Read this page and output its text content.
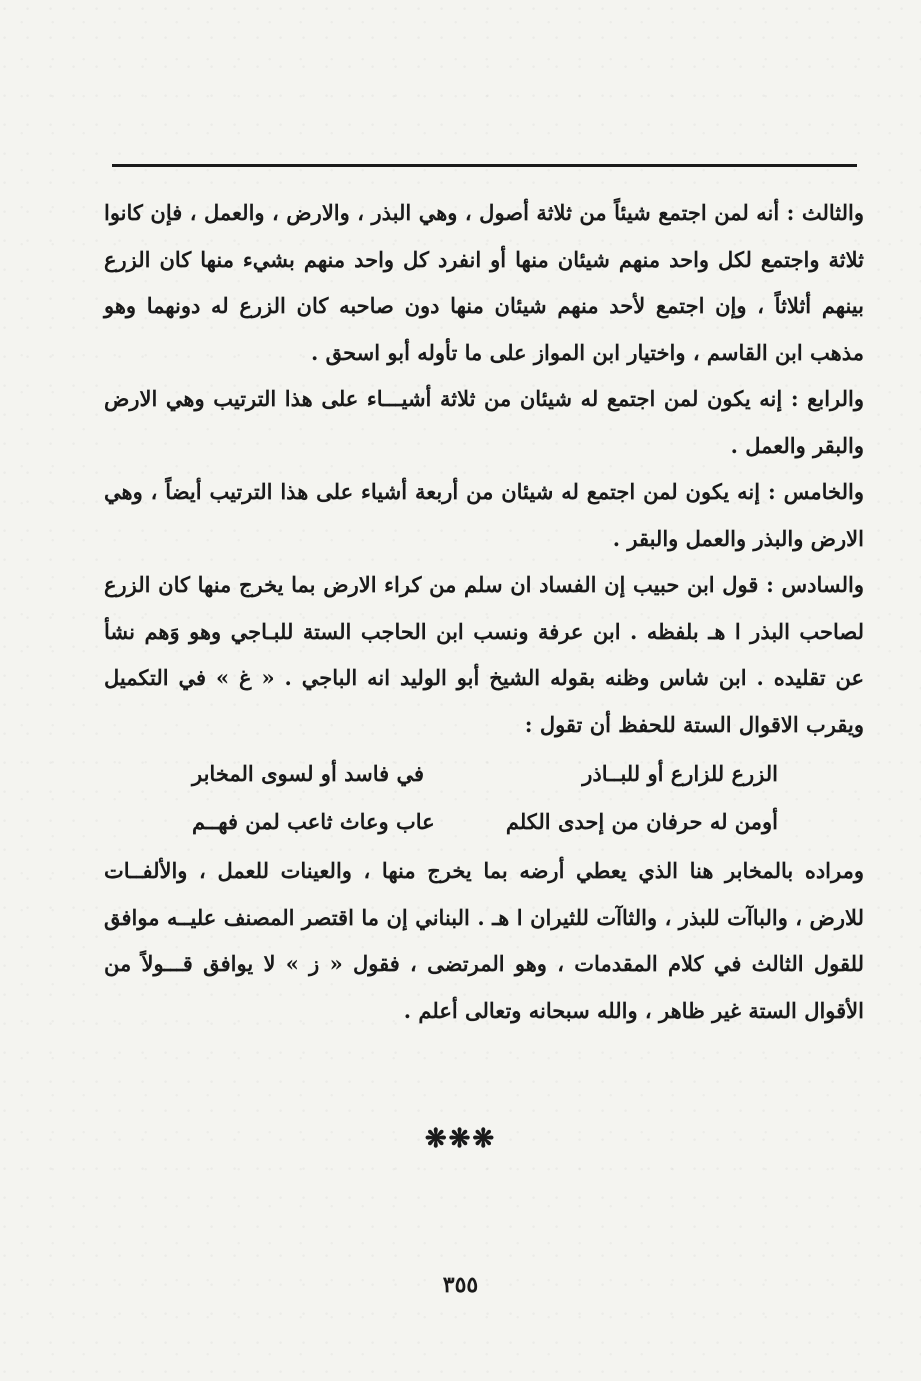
والثالث : أنه لمن اجتمع شيئاً من ثلاثة أصول ، وهي البذر ، والارض ، والعمل ، فإن كانوا ثلاثة واجتمع لكل واحد منهم شيئان منها أو انفرد كل واحد منهم بشيء منها كان الزرع بينهم أثلاثاً ، وإن اجتمع لأحد منهم شيئان منها دون صاحبه كان الزرع له دونهما وهو مذهب ابن القاسم ، واختيار ابن المواز على ما تأوله أبو اسحق .

والرابع : إنه يكون لمن اجتمع له شيئان من ثلاثة أشيـــاء على هذا الترتيب وهي الارض والبقر والعمل .

والخامس : إنه يكون لمن اجتمع له شيئان من أربعة أشياء على هذا الترتيب أيضاً ، وهي الارض والبذر والعمل والبقر .

والسادس : قول ابن حبيب إن الفساد ان سلم من كراء الارض بما يخرج منها كان الزرع لصاحب البذر ا هـ بلفظه . ابن عرفة ونسب ابن الحاجب الستة للبـاجي وهو وَهم نشأ عن تقليده . ابن شاس وظنه بقوله الشيخ أبو الوليد انه الباجي . « غ » في التكميل ويقرب الاقوال الستة للحفظ أن تقول :

الزرع للزارع أو للبــاذر
في فاسد أو لسوى المخابر
أومن له حرفان من إحدى الكلم
عاب وعاث ثاعب لمن فهــم

ومراده بالمخابر هنا الذي يعطي أرضه بما يخرج منها ، والعينات للعمل ، والألفــات للارض ، والباآت للبذر ، والثاآت للثيران ا هـ . البناني إن ما اقتصر المصنف عليــه موافق للقول الثالث في كلام المقدمات ، وهو المرتضى ، فقول « ز » لا يوافق قـــولاً من الأقوال الستة غير ظاهر ، والله سبحانه وتعالى أعلم .

❋❋❋
٣٥٥
